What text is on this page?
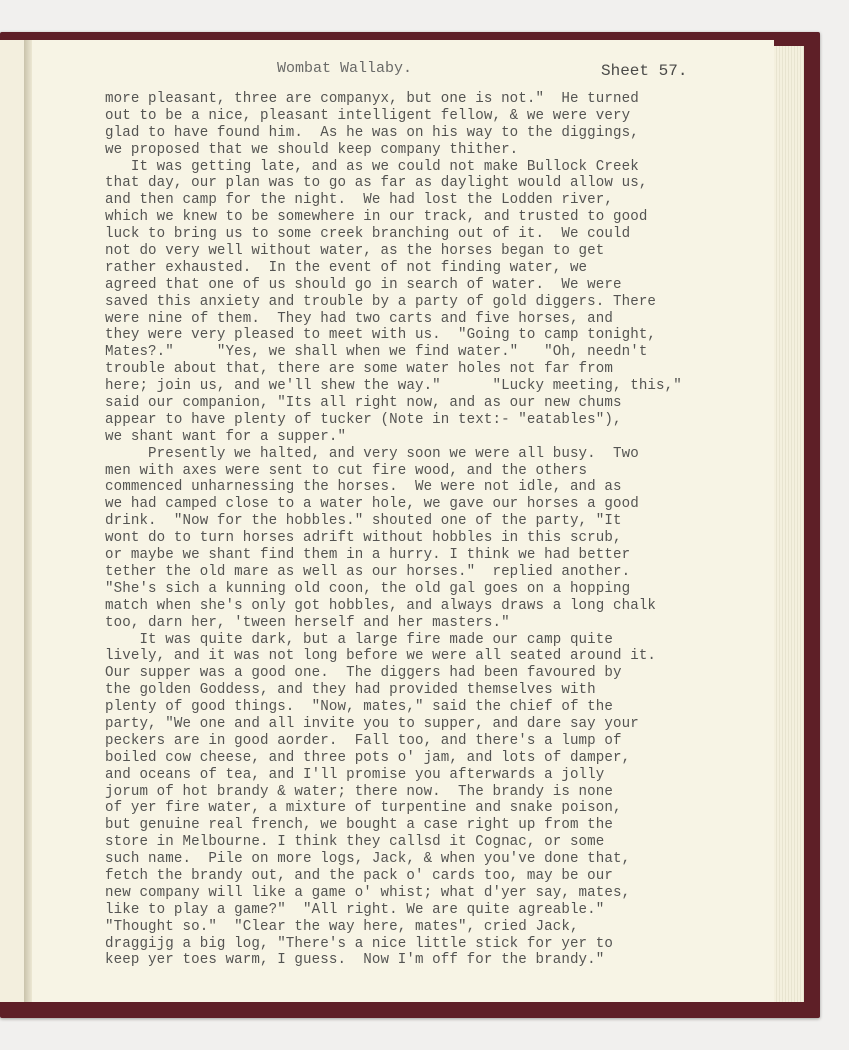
Wombat Wallaby.	Sheet 57.
more pleasant, three are companyx, but one is not."  He turned
out to be a nice, pleasant intelligent fellow, & we were very
glad to have found him.  As he was on his way to the diggings,
we proposed that we should keep company thither.
It was getting late, and as we could not make Bullock Creek
that day, our plan was to go as far as daylight would allow us,
and then camp for the night.  We had lost the Lodden river,
which we knew to be somewhere in our track, and trusted to good
luck to bring us to some creek branching out of it.  We could
not do very well without water, as the horses began to get
rather exhausted.  In the event of not finding water, we
agreed that one of us should go in search of water.  We were
saved this anxiety and trouble by a party of gold diggers. There
were nine of them.  They had two carts and five horses, and
they were very pleased to meet with us.  "Going to camp tonight,
Mates?."     "Yes, we shall when we find water."   "Oh, needn't
trouble about that, there are some water holes not far from
here; join us, and we'll shew the way."      "Lucky meeting, this,"
said our companion, "Its all right now, and as our new chums
appear to have plenty of tucker (Note in text:- "eatables"),
we shant want for a supper."
Presently we halted, and very soon we were all busy.  Two
men with axes were sent to cut fire wood, and the others
commenced unharnessing the horses.  We were not idle, and as
we had camped close to a water hole, we gave our horses a good
drink.  "Now for the hobbles." shouted one of the party, "It
wont do to turn horses adrift without hobbles in this scrub,
or maybe we shant find them in a hurry. I think we had better
tether the old mare as well as our horses."  replied another.
"She's sich a kunning old coon, the old gal goes on a hopping
match when she's only got hobbles, and always draws a long chalk
too, darn her, 'tween herself and her masters."
It was quite dark, but a large fire made our camp quite
lively, and it was not long before we were all seated around it.
Our supper was a good one.  The diggers had been favoured by
the golden Goddess, and they had provided themselves with
plenty of good things.  "Now, mates," said the chief of the
party, "We one and all invite you to supper, and dare say your
peckers are in good aorder.  Fall too, and there's a lump of
boiled cow cheese, and three pots o' jam, and lots of damper,
and oceans of tea, and I'll promise you afterwards a jolly
jorum of hot brandy & water; there now.  The brandy is none
of yer fire water, a mixture of turpentine and snake poison,
but genuine real french, we bought a case right up from the
store in Melbourne. I think they callsd it Cognac, or some
such name.  Pile on more logs, Jack, & when you've done that,
fetch the brandy out, and the pack o' cards too, may be our
new company will like a game o' whist; what d'yer say, mates,
like to play a game?"  "All right. We are quite agreable."
"Thought so."  "Clear the way here, mates", cried Jack,
draggijg a big log, "There's a nice little stick for yer to
keep yer toes warm, I guess.  Now I'm off for the brandy."
